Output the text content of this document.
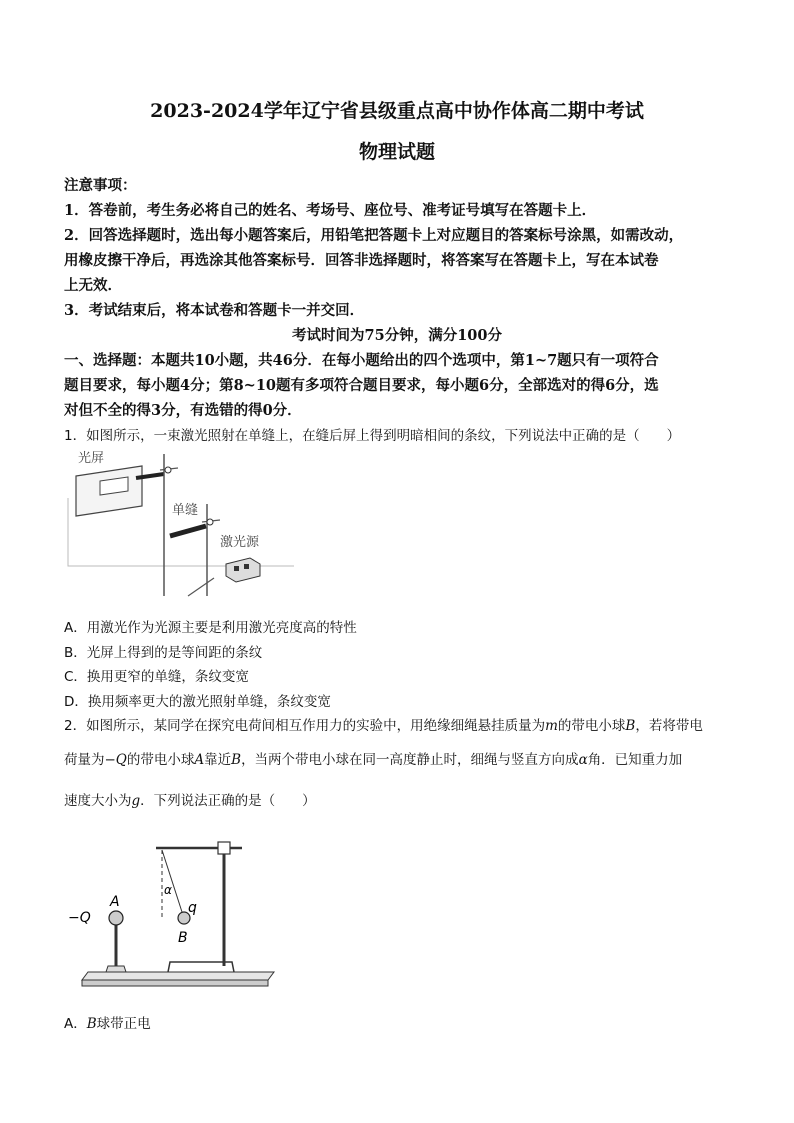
2023-2024学年辽宁省县级重点高中协作体高二期中考试
物理试题
注意事项：
1．答卷前，考生务必将自己的姓名、考场号、座位号、准考证号填写在答题卡上．
2．回答选择题时，选出每小题答案后，用铅笔把答题卡上对应题目的答案标号涂黑，如需改动，
用橡皮擦干净后，再选涂其他答案标号．回答非选择题时，将答案写在答题卡上，写在本试卷
上无效．
3．考试结束后，将本试卷和答题卡一并交回．
考试时间为75分钟，满分100分
一、选择题：本题共10小题，共46分．在每小题给出的四个选项中，第1~7题只有一项符合
题目要求，每小题4分；第8~10题有多项符合题目要求，每小题6分，全部选对的得6分，选
对但不全的得3分，有选错的得0分．
1．如图所示，一束激光照射在单缝上，在缝后屏上得到明暗相间的条纹，下列说法中正确的是（　　）
光屏
单缝
激光源
A．用激光作为光源主要是利用激光亮度高的特性
B．光屏上得到的是等间距的条纹
C．换用更窄的单缝，条纹变宽
D．换用频率更大的激光照射单缝，条纹变宽
2．如图所示，某同学在探究电荷间相互作用力的实验中，用绝缘细绳悬挂质量为m的带电小球B，若将带电
荷量为−Q的带电小球A靠近B，当两个带电小球在同一高度静止时，细绳与竖直方向成α角．已知重力加
速度大小为g．下列说法正确的是（　　）
−Q
A
α
q
B
A．B球带正电
